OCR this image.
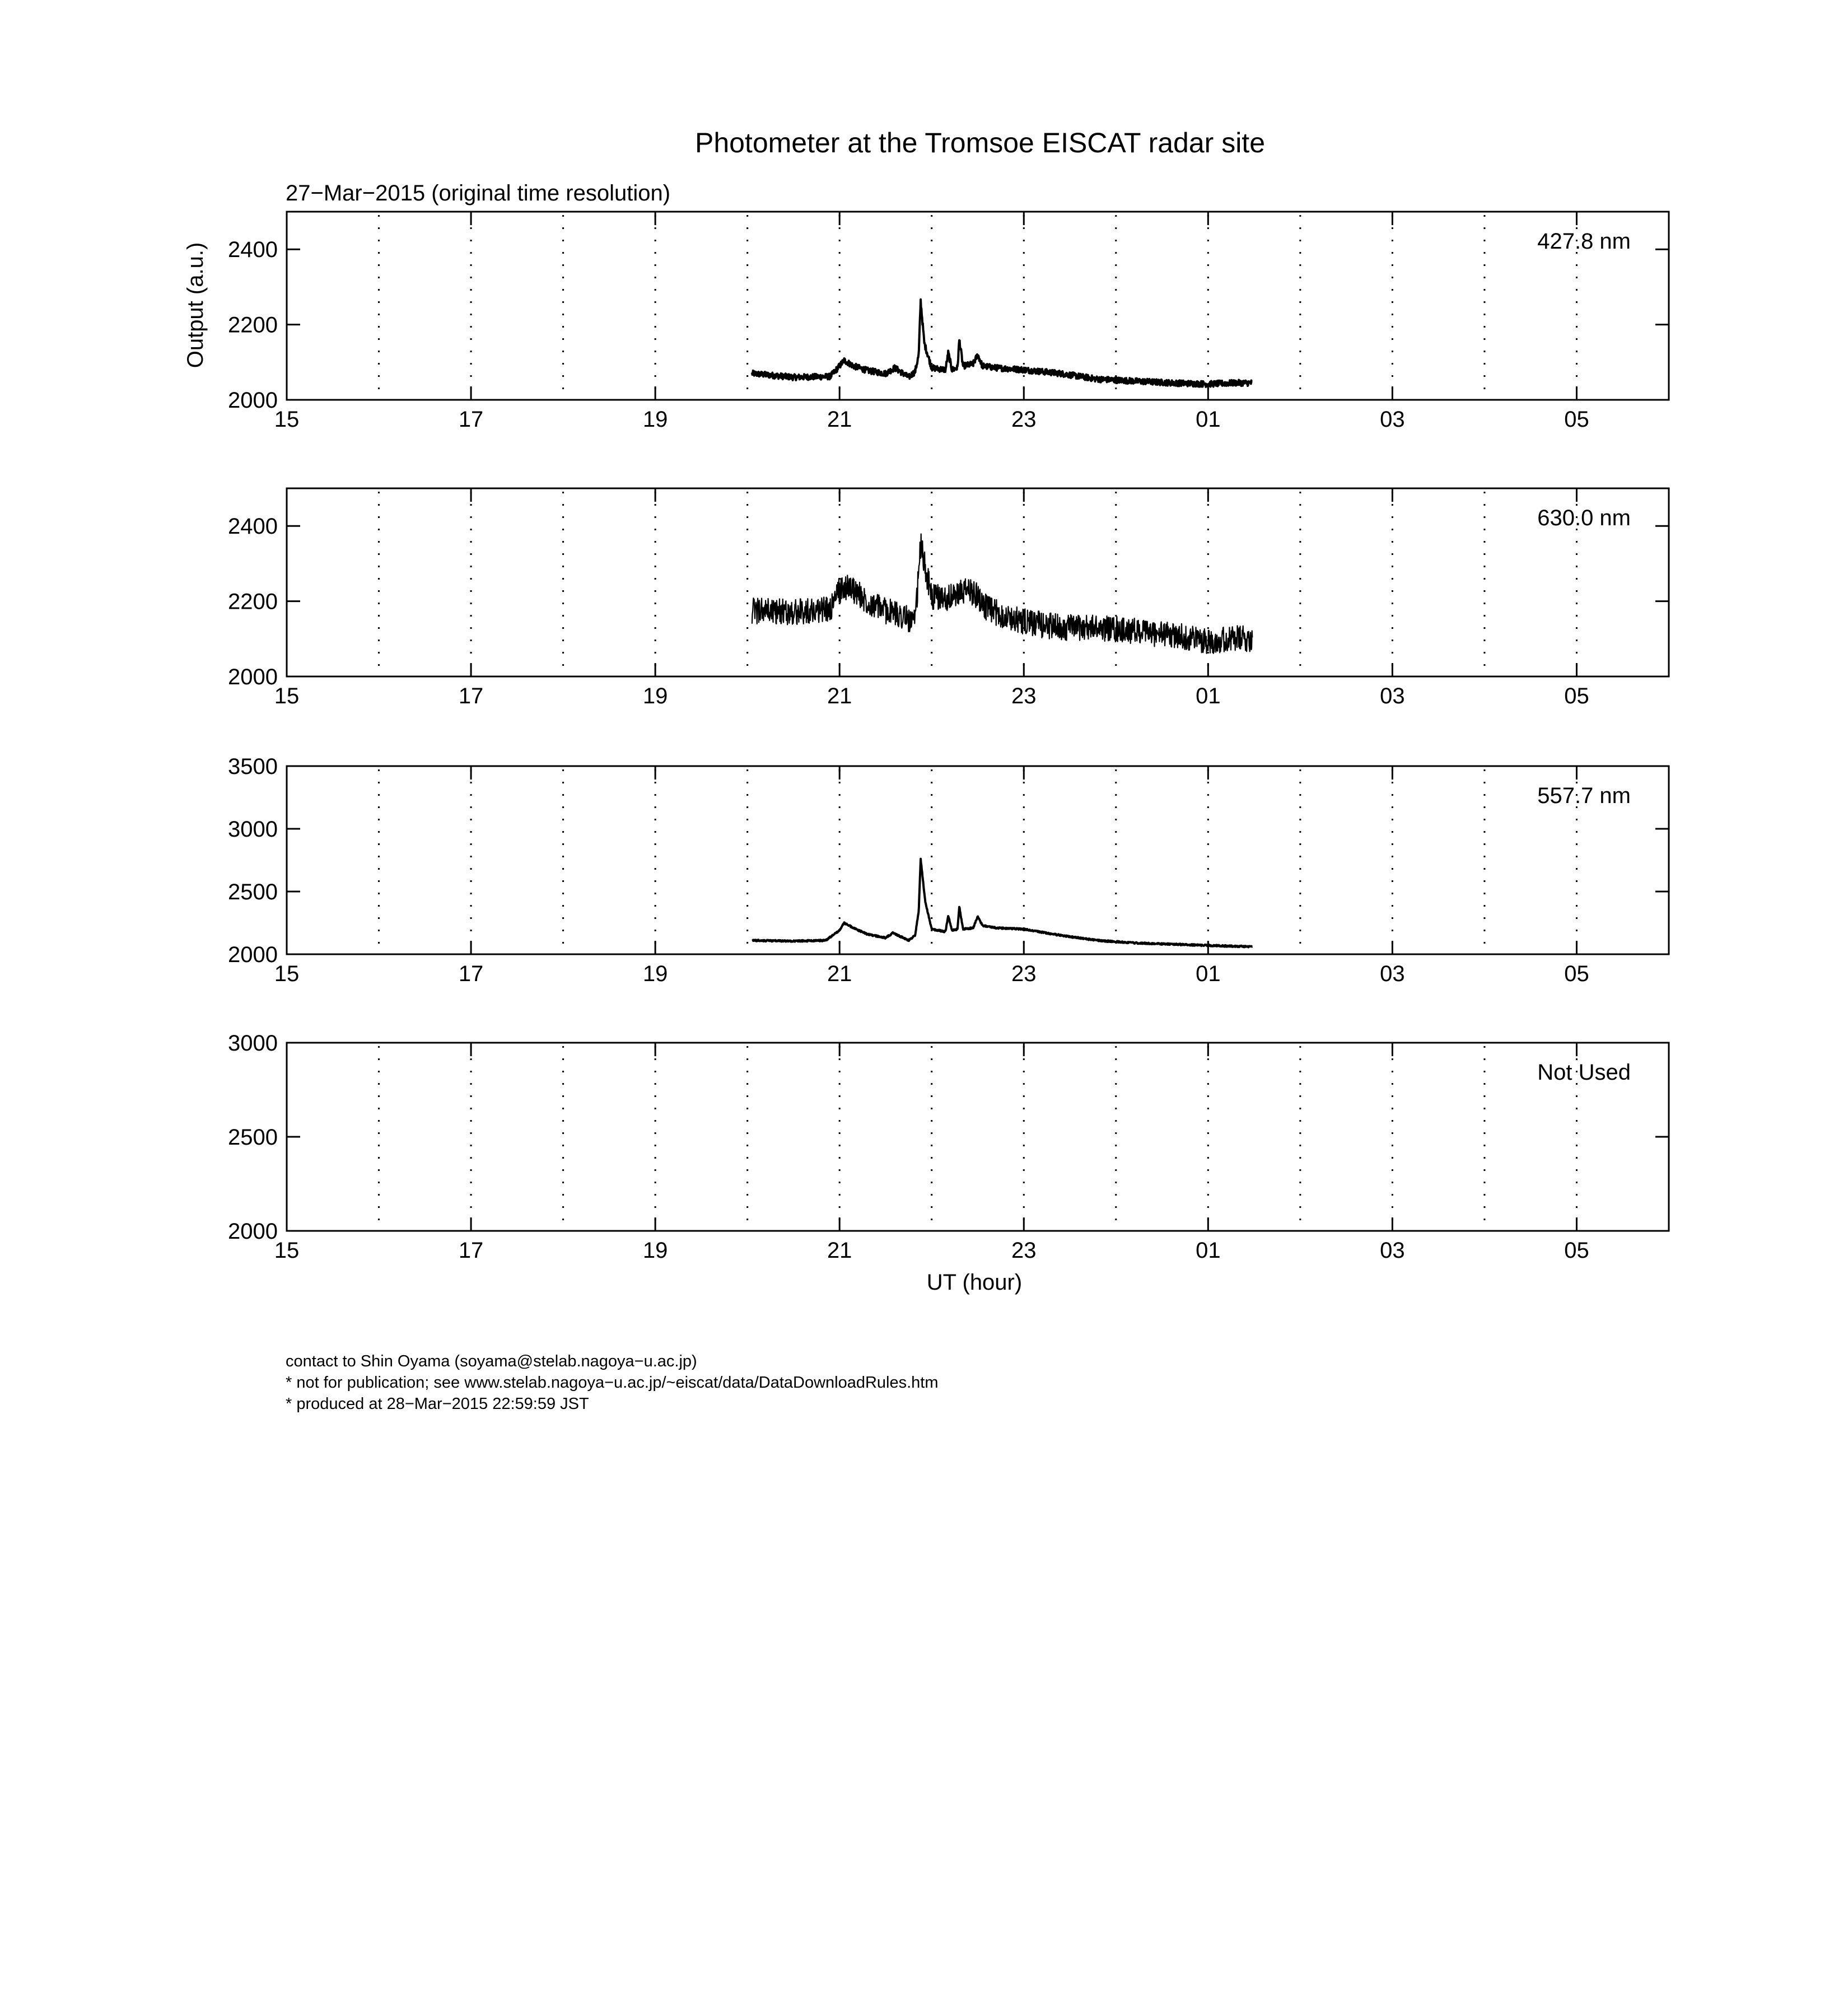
Photometer at the Tromsoe EISCAT radar site
27−Mar−2015 (original time resolution)
Output (a.u.)
UT (hour)
15	17	19	21	23	01	03	05
2000
2200
2400	427.8 nm
15	17	19	21	23	01	03	05
2000
2200
2400	630.0 nm
15	17	19	21	23	01	03	05
2000
2500
3000
3500
557.7 nm
15	17	19	21	23	01	03	05
2000
2500
3000
Not Used
contact to Shin Oyama (soyama@stelab.nagoya−u.ac.jp)
* not for publication; see www.stelab.nagoya−u.ac.jp/~eiscat/data/DataDownloadRules.htm
* produced at 28−Mar−2015 22:59:59 JST
